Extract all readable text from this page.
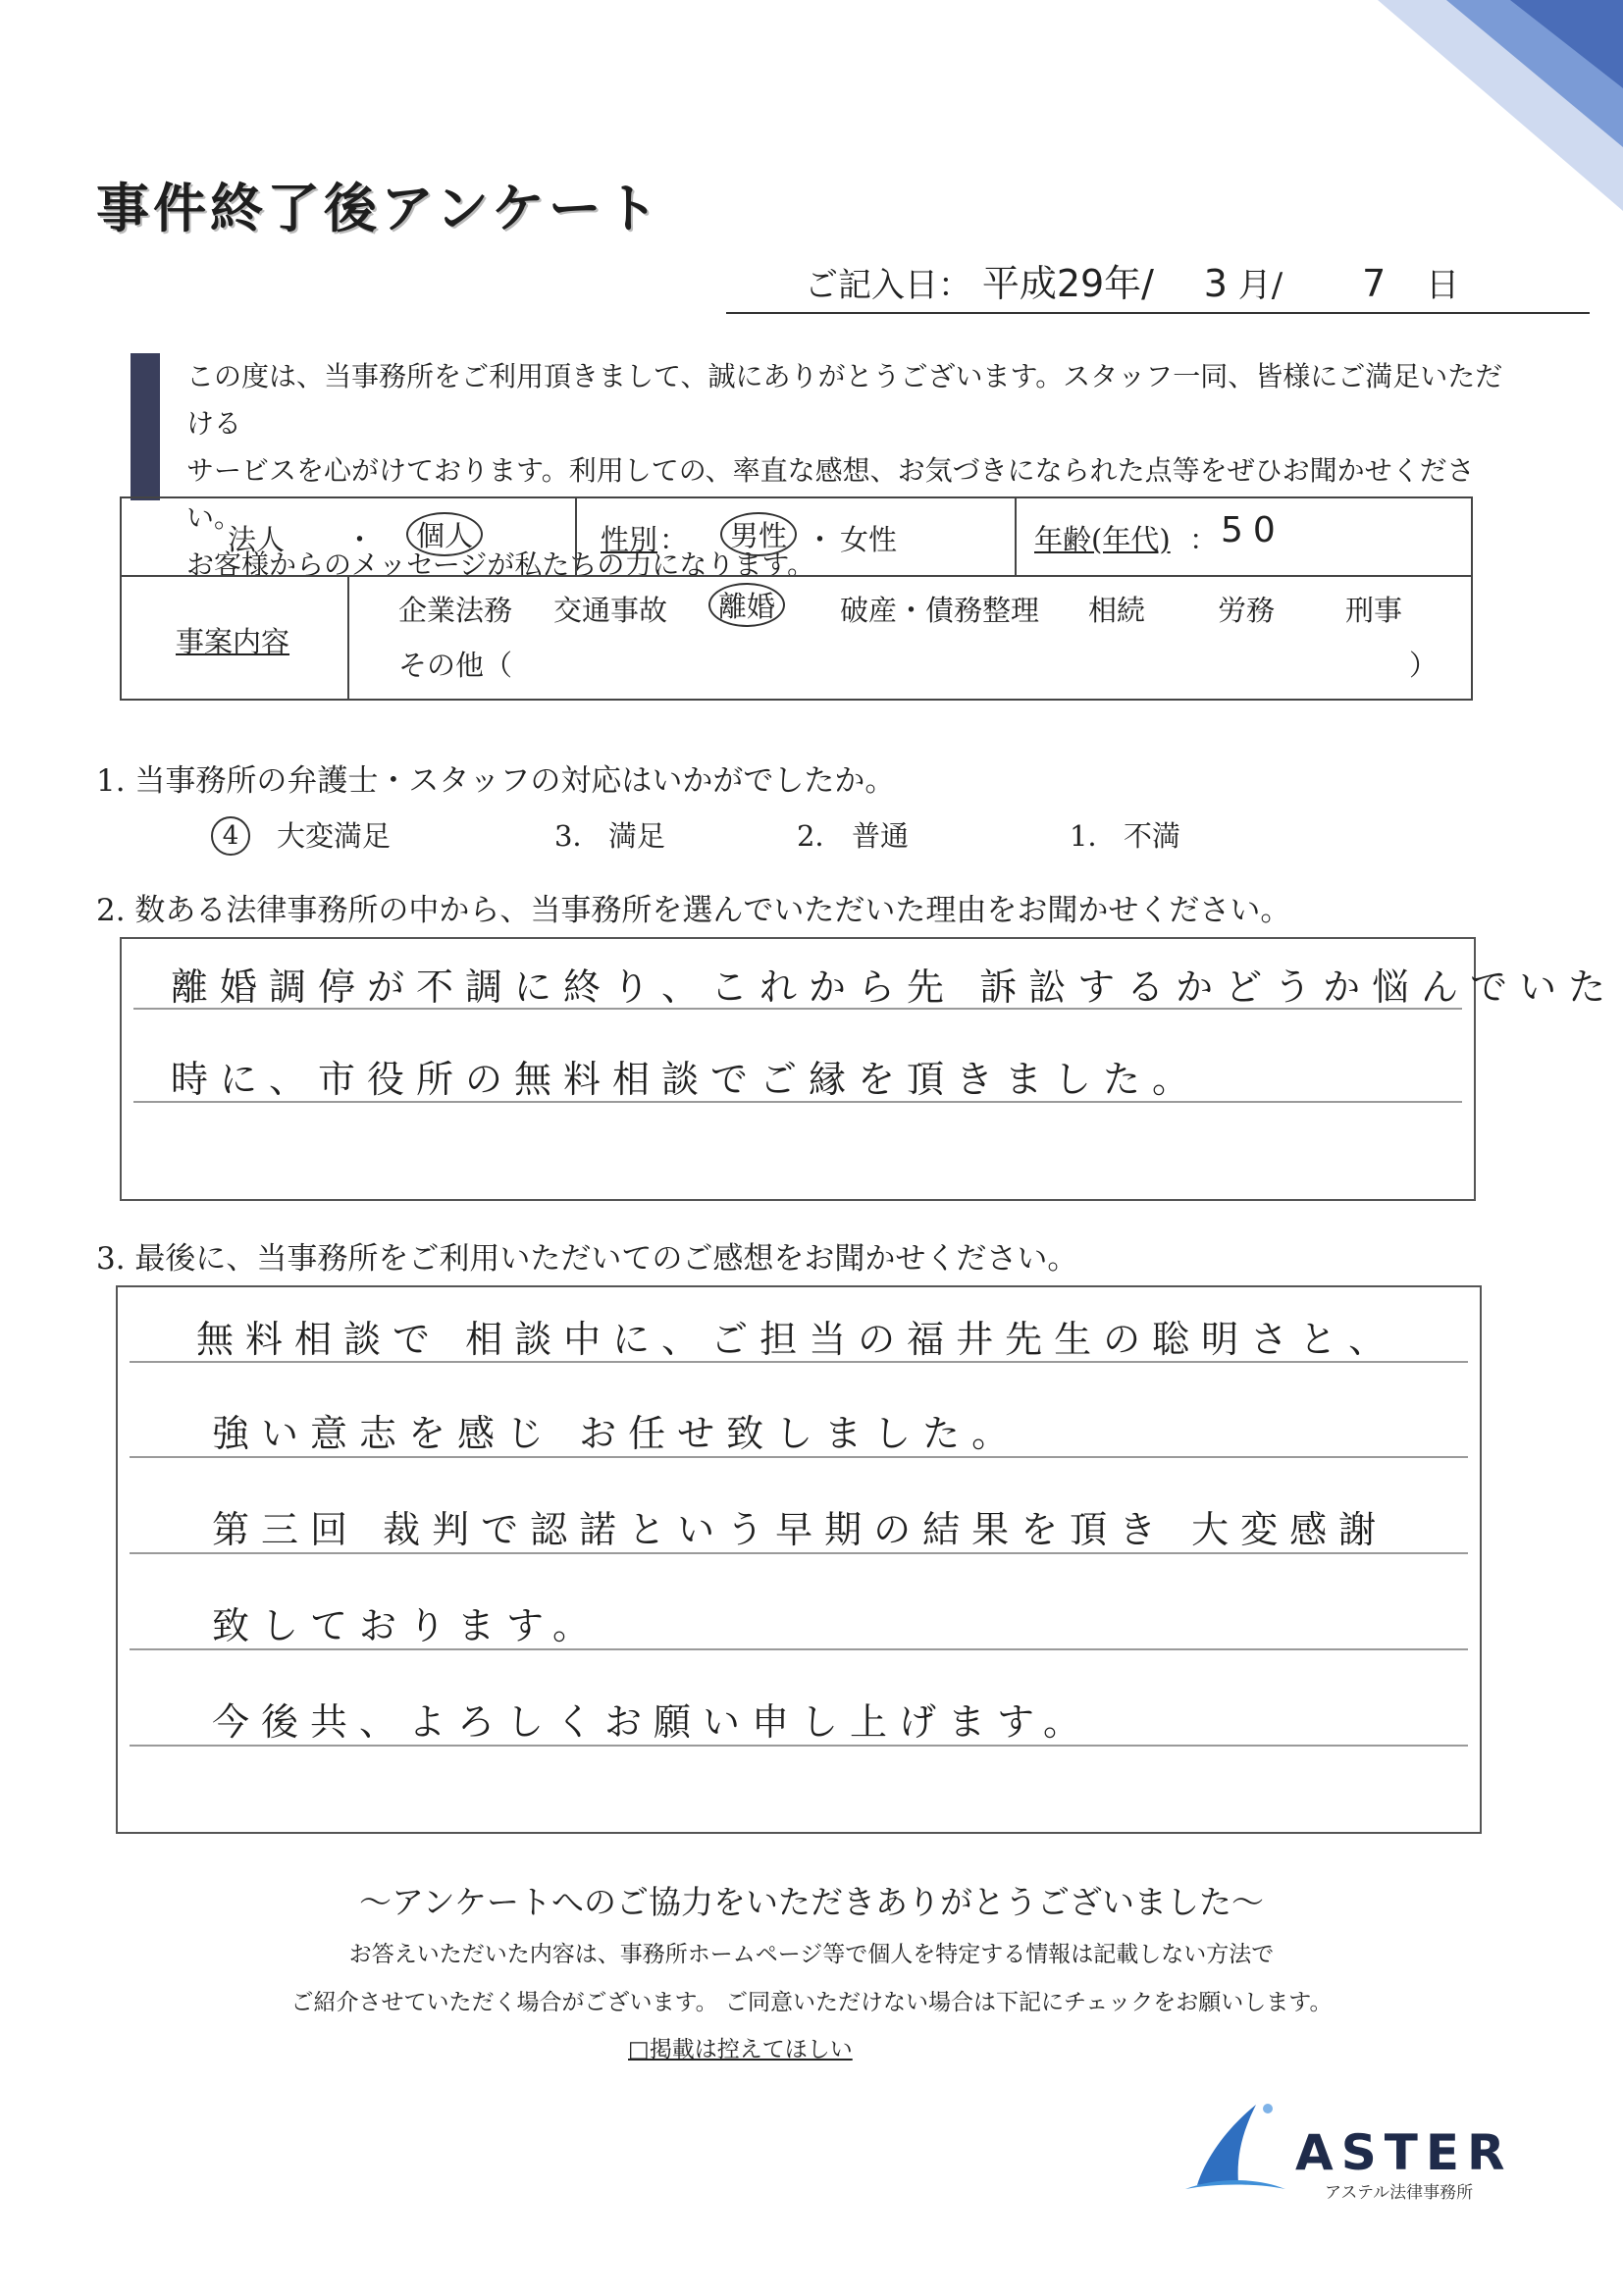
事件終了後アンケート
ご記入日： 平成29年/ 3 月/ 7 日
この度は、当事務所をご利用頂きまして、誠にありがとうございます。スタッフ一同、皆様にご満足いただける
サービスを心がけております。利用しての、率直な感想、お気づきになられた点等をぜひお聞かせください。
お客様からのメッセージが私たちの力になります。
法人 ・	個人	性別 ：	男性 ・ 女性	年齢(年代) ： 50
事案内容
企業法務 交通事故	離婚	破産・債務整理 相続	労務 刑事
その他（	）
1. 当事務所の弁護士・スタッフの対応はいかがでしたか。
4	大変満足	3． 満足	2． 普通	1． 不満
2. 数ある法律事務所の中から、当事務所を選んでいただいた理由をお聞かせください。
離婚調停が不調に終り、これから先 訴訟するかどうか悩んでいた
時に、市役所の無料相談でご縁を頂きました。
3. 最後に、当事務所をご利用いただいてのご感想をお聞かせください。
無料相談で 相談中に、ご担当の福井先生の聡明さと、
強い意志を感じ お任せ致しました。
第三回 裁判で認諾という早期の結果を頂き 大変感謝
致しております。
今後共、よろしくお願い申し上げます。
〜アンケートへのご協力をいただきありがとうございました〜
お答えいただいた内容は、事務所ホームページ等で個人を特定する情報は記載しない方法で
ご紹介させていただく場合がございます。 ご同意いただけない場合は下記にチェックをお願いします。
□掲載は控えてほしい
ASTER
アステル法律事務所
